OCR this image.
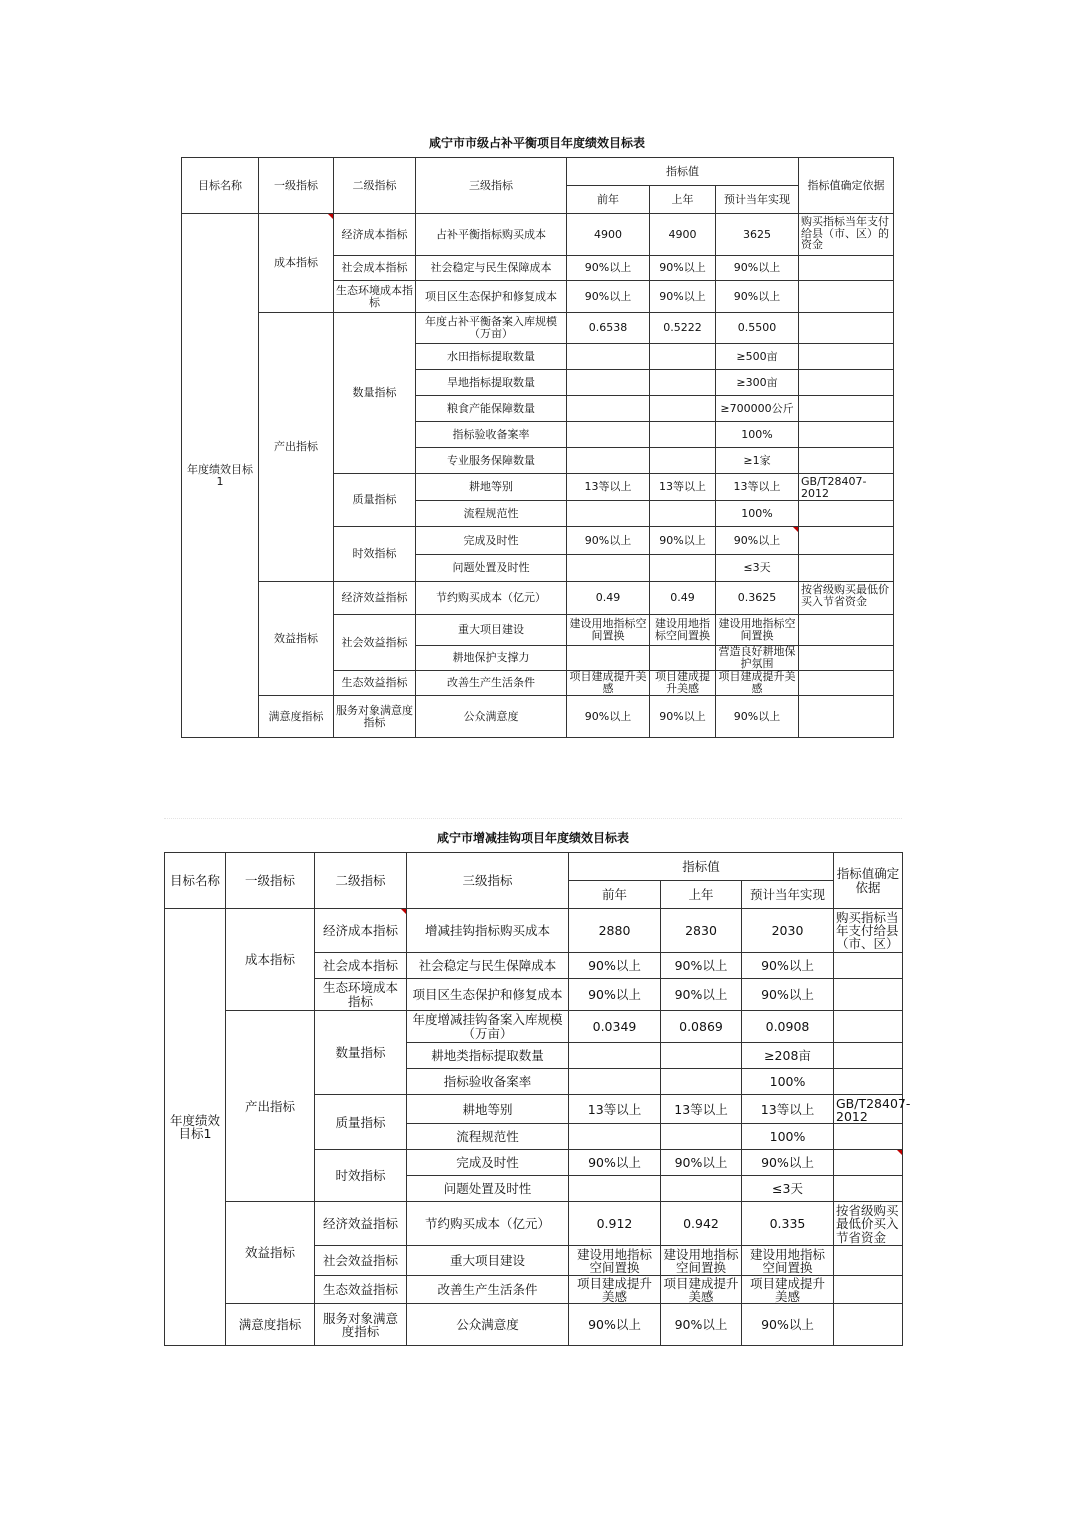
咸宁市市级占补平衡项目年度绩效目标表
目标名称	一级指标	二级指标	三级指标	指标值			指标值确定依据
				前年	上年	预计当年实现	
年度绩效目标1	成本指标	经济成本指标	占补平衡指标购买成本	4900	4900	3625	购买指标当年支付给县（市、区）的资金
		社会成本指标	社会稳定与民生保障成本	90%以上	90%以上	90%以上	
		生态环境成本指标	项目区生态保护和修复成本	90%以上	90%以上	90%以上	
	产出指标	数量指标	年度占补平衡备案入库规模（万亩）	0.6538	0.5222	0.5500	
			水田指标提取数量			≥500亩	
			旱地指标提取数量			≥300亩	
			粮食产能保障数量			≥700000公斤	
			指标验收备案率			100%	
			专业服务保障数量			≥1家	
		质量指标	耕地等别	13等以上	13等以上	13等以上	GB/T28407-2012
			流程规范性			100%	
		时效指标	完成及时性	90%以上	90%以上	90%以上	
			问题处置及时性			≤3天	
	效益指标	经济效益指标	节约购买成本（亿元）	0.49	0.49	0.3625	按省级购买最低价买入节省资金
		社会效益指标	重大项目建设	建设用地指标空间置换	建设用地指标空间置换	建设用地指标空间置换	
			耕地保护支撑力			营造良好耕地保护氛围	
		生态效益指标	改善生产生活条件	项目建成提升美感	项目建成提升美感	项目建成提升美感	
	满意度指标	服务对象满意度指标	公众满意度	90%以上	90%以上	90%以上	
咸宁市增减挂钩项目年度绩效目标表
目标名称	一级指标	二级指标	三级指标	指标值			指标值确定依据
				前年	上年	预计当年实现	
年度绩效目标1	成本指标	经济成本指标	增减挂钩指标购买成本	2880	2830	2030	购买指标当年支付给县（市、区）
		社会成本指标	社会稳定与民生保障成本	90%以上	90%以上	90%以上	
		生态环境成本指标	项目区生态保护和修复成本	90%以上	90%以上	90%以上	
	产出指标	数量指标	年度增减挂钩备案入库规模（万亩）	0.0349	0.0869	0.0908	
			耕地类指标提取数量			≥208亩	
			指标验收备案率			100%	
		质量指标	耕地等别	13等以上	13等以上	13等以上	GB/T28407-2012
			流程规范性			100%	
		时效指标	完成及时性	90%以上	90%以上	90%以上	
			问题处置及时性			≤3天	
	效益指标	经济效益指标	节约购买成本（亿元）	0.912	0.942	0.335	按省级购买最低价买入节省资金
		社会效益指标	重大项目建设	建设用地指标空间置换	建设用地指标空间置换	建设用地指标空间置换	
		生态效益指标	改善生产生活条件	项目建成提升美感	项目建成提升美感	项目建成提升美感	
	满意度指标	服务对象满意度指标	公众满意度	90%以上	90%以上	90%以上	
